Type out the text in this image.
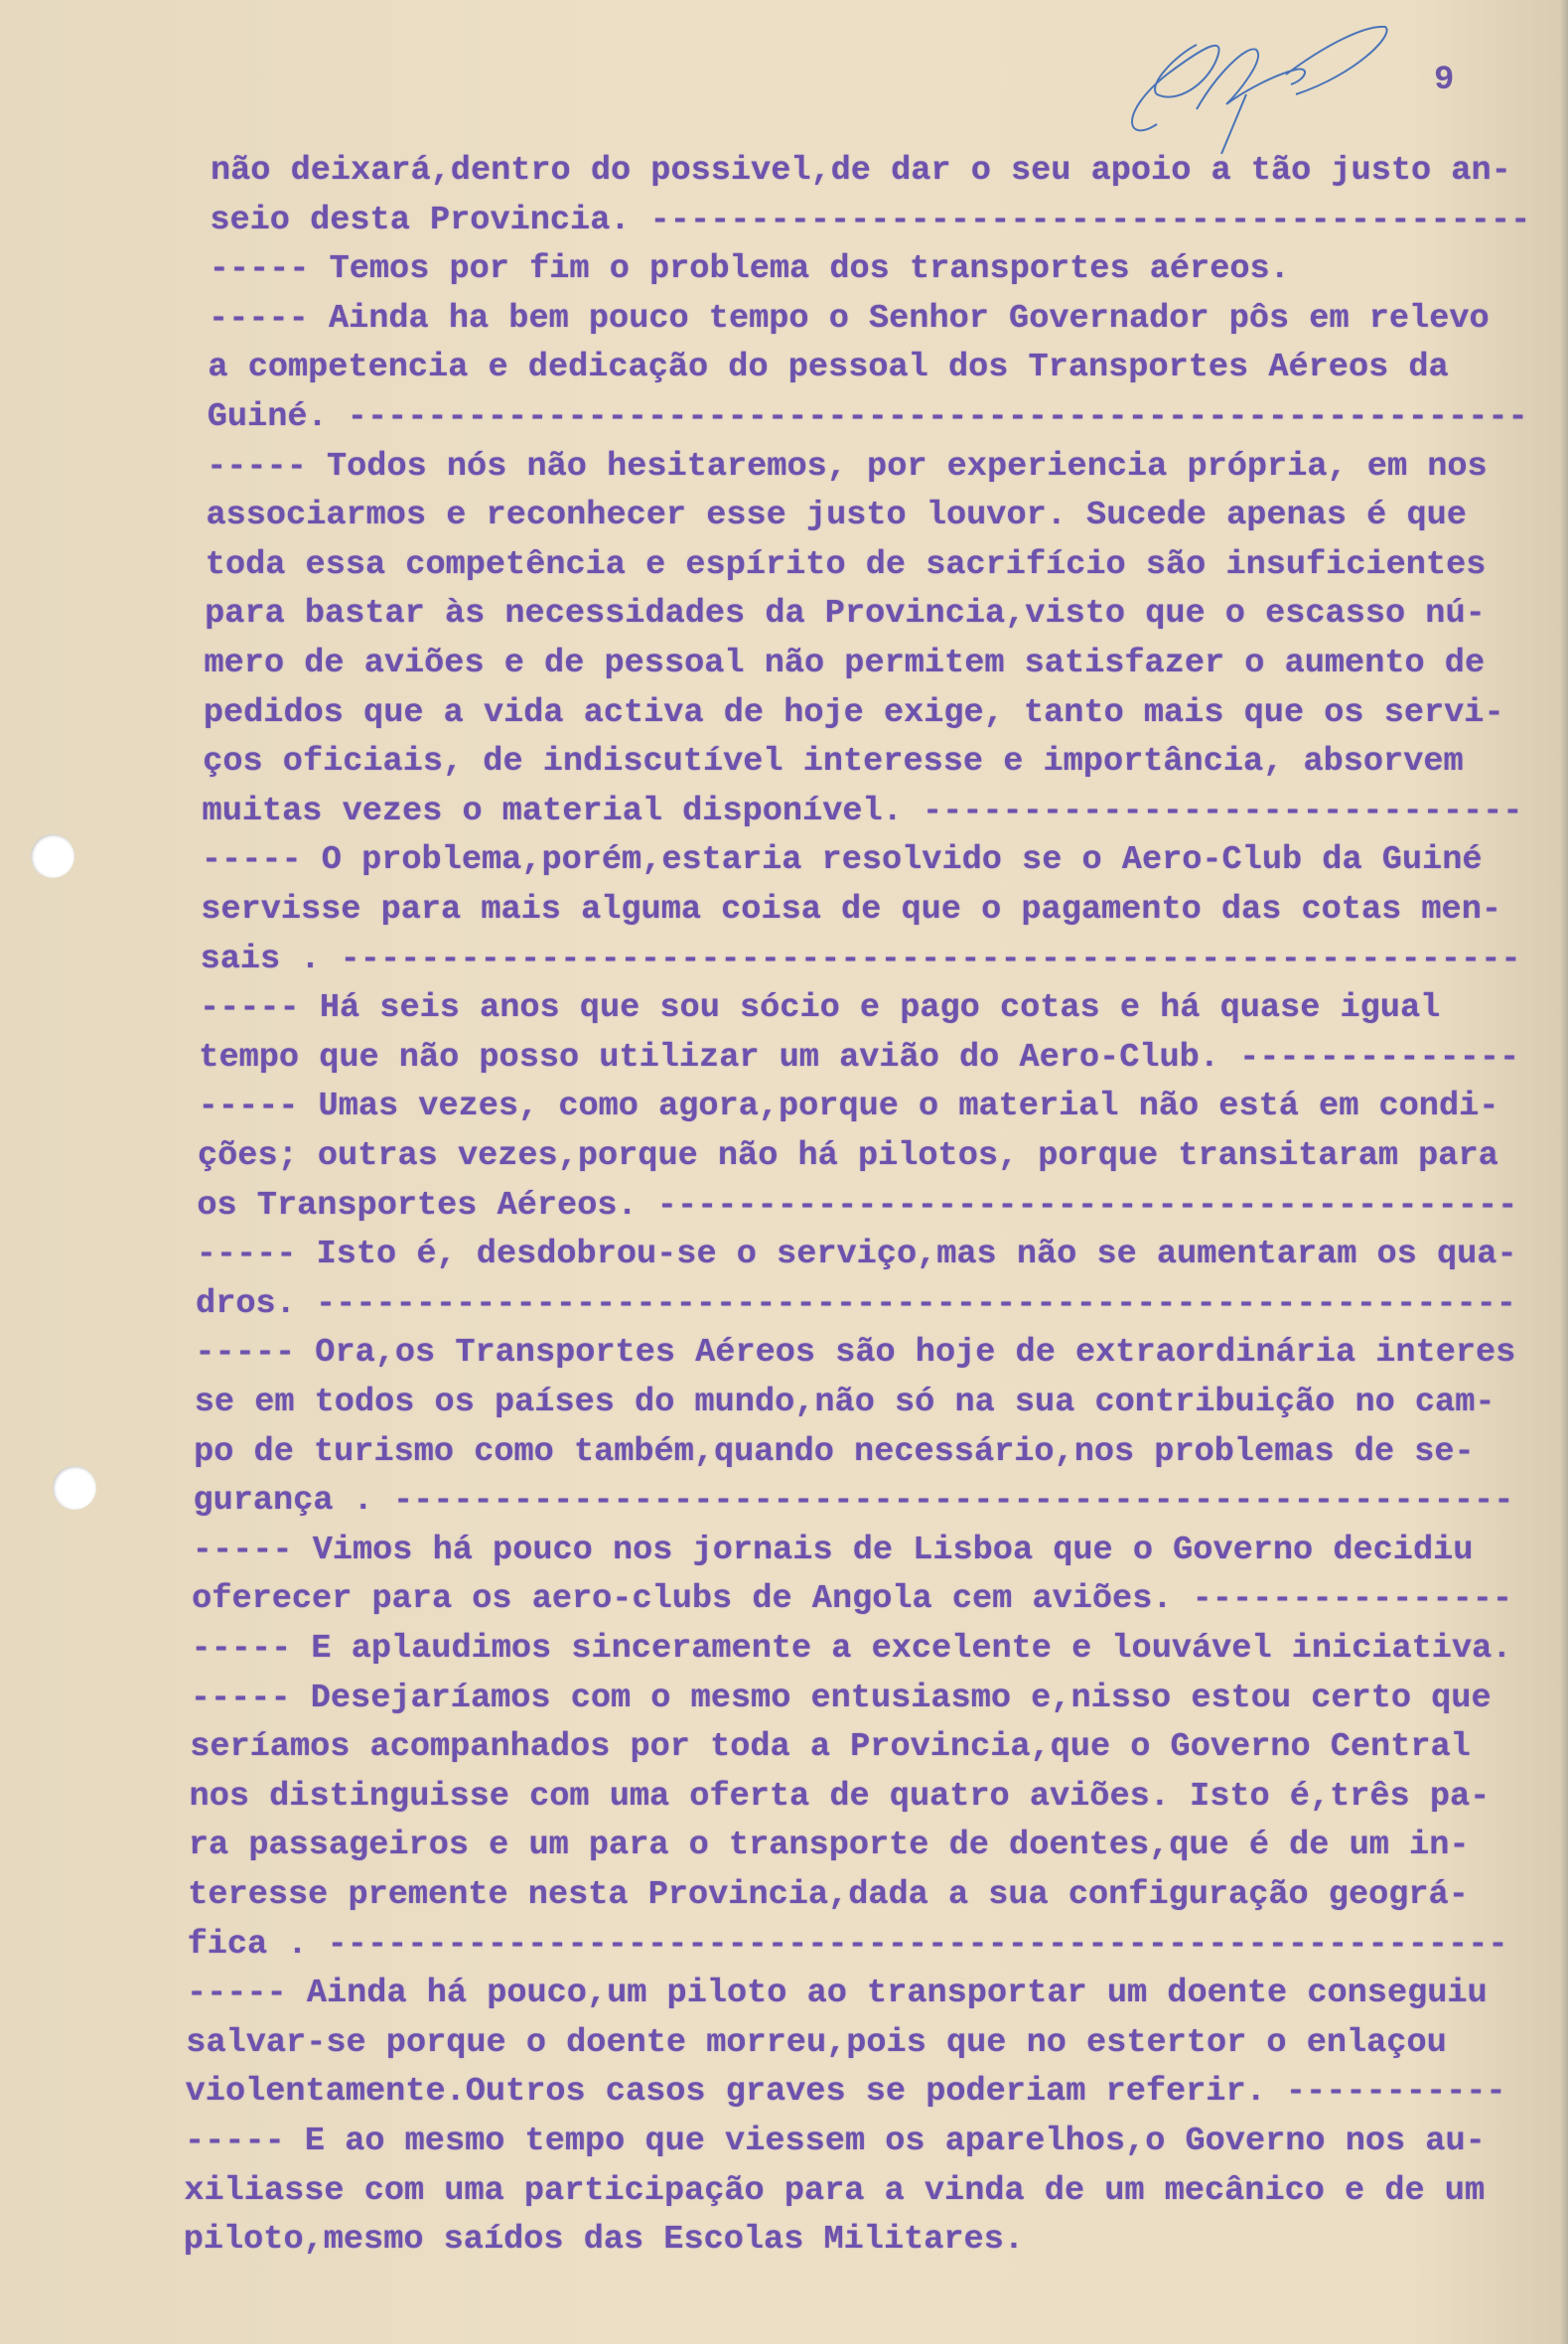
9
não deixará,dentro do possivel,de dar o seu apoio a tão justo an-
seio desta Provincia. --------------------------------------------
----- Temos por fim o problema dos transportes aéreos.
----- Ainda ha bem pouco tempo o Senhor Governador pôs em relevo
a competencia e dedicação do pessoal dos Transportes Aéreos da
Guiné. -----------------------------------------------------------
----- Todos nós não hesitaremos, por experiencia própria, em nos
associarmos e reconhecer esse justo louvor. Sucede apenas é que
toda essa competência e espírito de sacrifício são insuficientes
para bastar às necessidades da Provincia,visto que o escasso nú-
mero de aviões e de pessoal não permitem satisfazer o aumento de
pedidos que a vida activa de hoje exige, tanto mais que os servi-
ços oficiais, de indiscutível interesse e importância, absorvem
muitas vezes o material disponível. ------------------------------
----- O problema,porém,estaria resolvido se o Aero-Club da Guiné
servisse para mais alguma coisa de que o pagamento das cotas men-
sais . -----------------------------------------------------------
----- Há seis anos que sou sócio e pago cotas e há quase igual
tempo que não posso utilizar um avião do Aero-Club. --------------
----- Umas vezes, como agora,porque o material não está em condi-
ções; outras vezes,porque não há pilotos, porque transitaram para
os Transportes Aéreos. -------------------------------------------
----- Isto é, desdobrou-se o serviço,mas não se aumentaram os qua-
dros. ------------------------------------------------------------
----- Ora,os Transportes Aéreos são hoje de extraordinária interes
se em todos os países do mundo,não só na sua contribuição no cam-
po de turismo como também,quando necessário,nos problemas de se-
gurança . --------------------------------------------------------
----- Vimos há pouco nos jornais de Lisboa que o Governo decidiu
oferecer para os aero-clubs de Angola cem aviões. ----------------
----- E aplaudimos sinceramente a excelente e louvável iniciativa.
----- Desejaríamos com o mesmo entusiasmo e,nisso estou certo que
seríamos acompanhados por toda a Provincia,que o Governo Central
nos distinguisse com uma oferta de quatro aviões. Isto é,três pa-
ra passageiros e um para o transporte de doentes,que é de um in-
teresse premente nesta Provincia,dada a sua configuração geográ-
fica . -----------------------------------------------------------
----- Ainda há pouco,um piloto ao transportar um doente conseguiu
salvar-se porque o doente morreu,pois que no estertor o enlaçou
violentamente.Outros casos graves se poderiam referir. -----------
----- E ao mesmo tempo que viessem os aparelhos,o Governo nos au-
xiliasse com uma participação para a vinda de um mecânico e de um
piloto,mesmo saídos das Escolas Militares.
